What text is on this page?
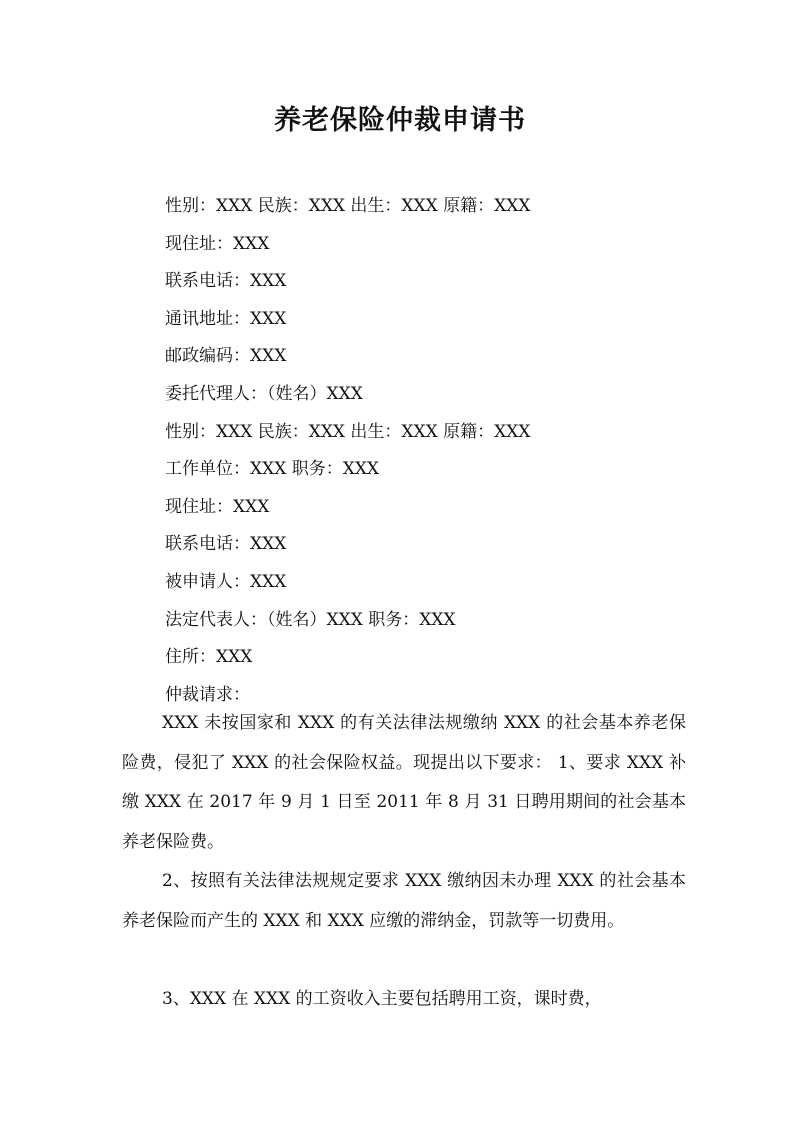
养老保险仲裁申请书
性别：XXX 民族：XXX 出生：XXX 原籍：XXX
现住址：XXX
联系电话：XXX
通讯地址：XXX
邮政编码：XXX
委托代理人：（姓名）XXX
性别：XXX 民族：XXX 出生：XXX 原籍：XXX
工作单位：XXX 职务：XXX
现住址：XXX
联系电话：XXX
被申请人：XXX
法定代表人：（姓名）XXX 职务：XXX
住所：XXX
仲裁请求：

XXX 未按国家和 XXX 的有关法律法规缴纳 XXX 的社会基本养老保险费，侵犯了 XXX 的社会保险权益。现提出以下要求： 1、要求 XXX 补缴 XXX 在 2017 年 9 月 1 日至 2011 年 8 月 31 日聘用期间的社会基本养老保险费。

2、按照有关法律法规规定要求 XXX 缴纳因未办理 XXX 的社会基本养老保险而产生的 XXX 和 XXX 应缴的滞纳金，罚款等一切费用。

3、XXX 在 XXX 的工资收入主要包括聘用工资，课时费，
